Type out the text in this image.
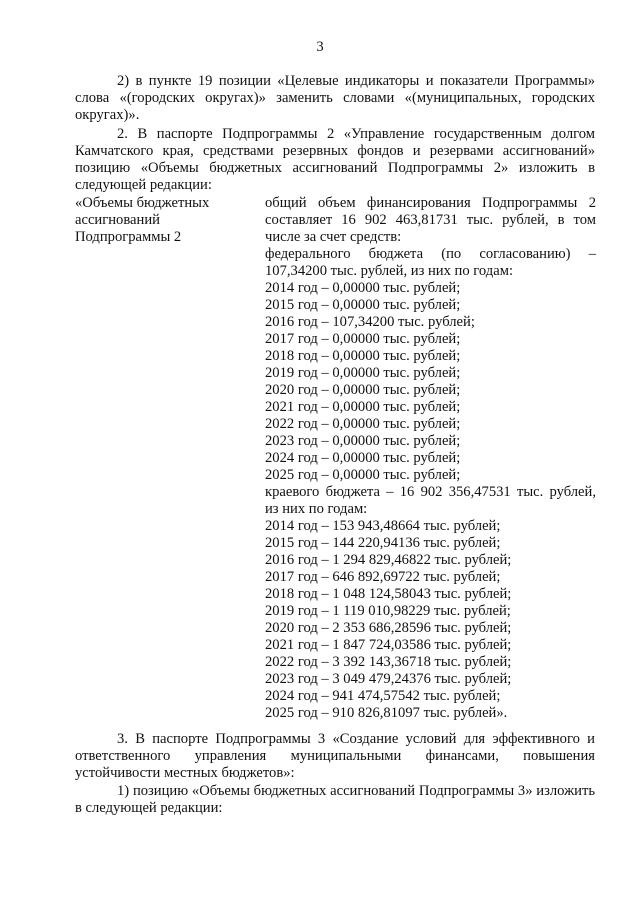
3
2) в пункте 19 позиции «Целевые индикаторы и показатели Программы» слова «(городских округах)» заменить словами «(муниципальных, городских округах)».
2. В паспорте Подпрограммы 2 «Управление государственным долгом Камчатского края, средствами резервных фондов и резервами ассигнований» позицию «Объемы бюджетных ассигнований Подпрограммы 2» изложить в следующей редакции:
«Объемы бюджетных
ассигнований
Подпрограммы 2
общий объем финансирования Подпрограммы 2
составляет 16 902 463,81731 тыс. рублей, в том
числе за счет средств:
федерального бюджета (по согласованию) –
107,34200 тыс. рублей, из них по годам:
2014 год – 0,00000 тыс. рублей;
2015 год – 0,00000 тыс. рублей;
2016 год – 107,34200 тыс. рублей;
2017 год – 0,00000 тыс. рублей;
2018 год – 0,00000 тыс. рублей;
2019 год – 0,00000 тыс. рублей;
2020 год – 0,00000 тыс. рублей;
2021 год – 0,00000 тыс. рублей;
2022 год – 0,00000 тыс. рублей;
2023 год – 0,00000 тыс. рублей;
2024 год – 0,00000 тыс. рублей;
2025 год – 0,00000 тыс. рублей;
краевого бюджета – 16 902 356,47531 тыс. рублей,
из них по годам:
2014 год – 153 943,48664 тыс. рублей;
2015 год – 144 220,94136 тыс. рублей;
2016 год – 1 294 829,46822 тыс. рублей;
2017 год – 646 892,69722 тыс. рублей;
2018 год – 1 048 124,58043 тыс. рублей;
2019 год – 1 119 010,98229 тыс. рублей;
2020 год – 2 353 686,28596 тыс. рублей;
2021 год – 1 847 724,03586 тыс. рублей;
2022 год – 3 392 143,36718 тыс. рублей;
2023 год – 3 049 479,24376 тыс. рублей;
2024 год – 941 474,57542 тыс. рублей;
2025 год – 910 826,81097 тыс. рублей».
3. В паспорте Подпрограммы 3 «Создание условий для эффективного и ответственного управления муниципальными финансами, повышения устойчивости местных бюджетов»:
1) позицию «Объемы бюджетных ассигнований Подпрограммы 3» изложить в следующей редакции:
